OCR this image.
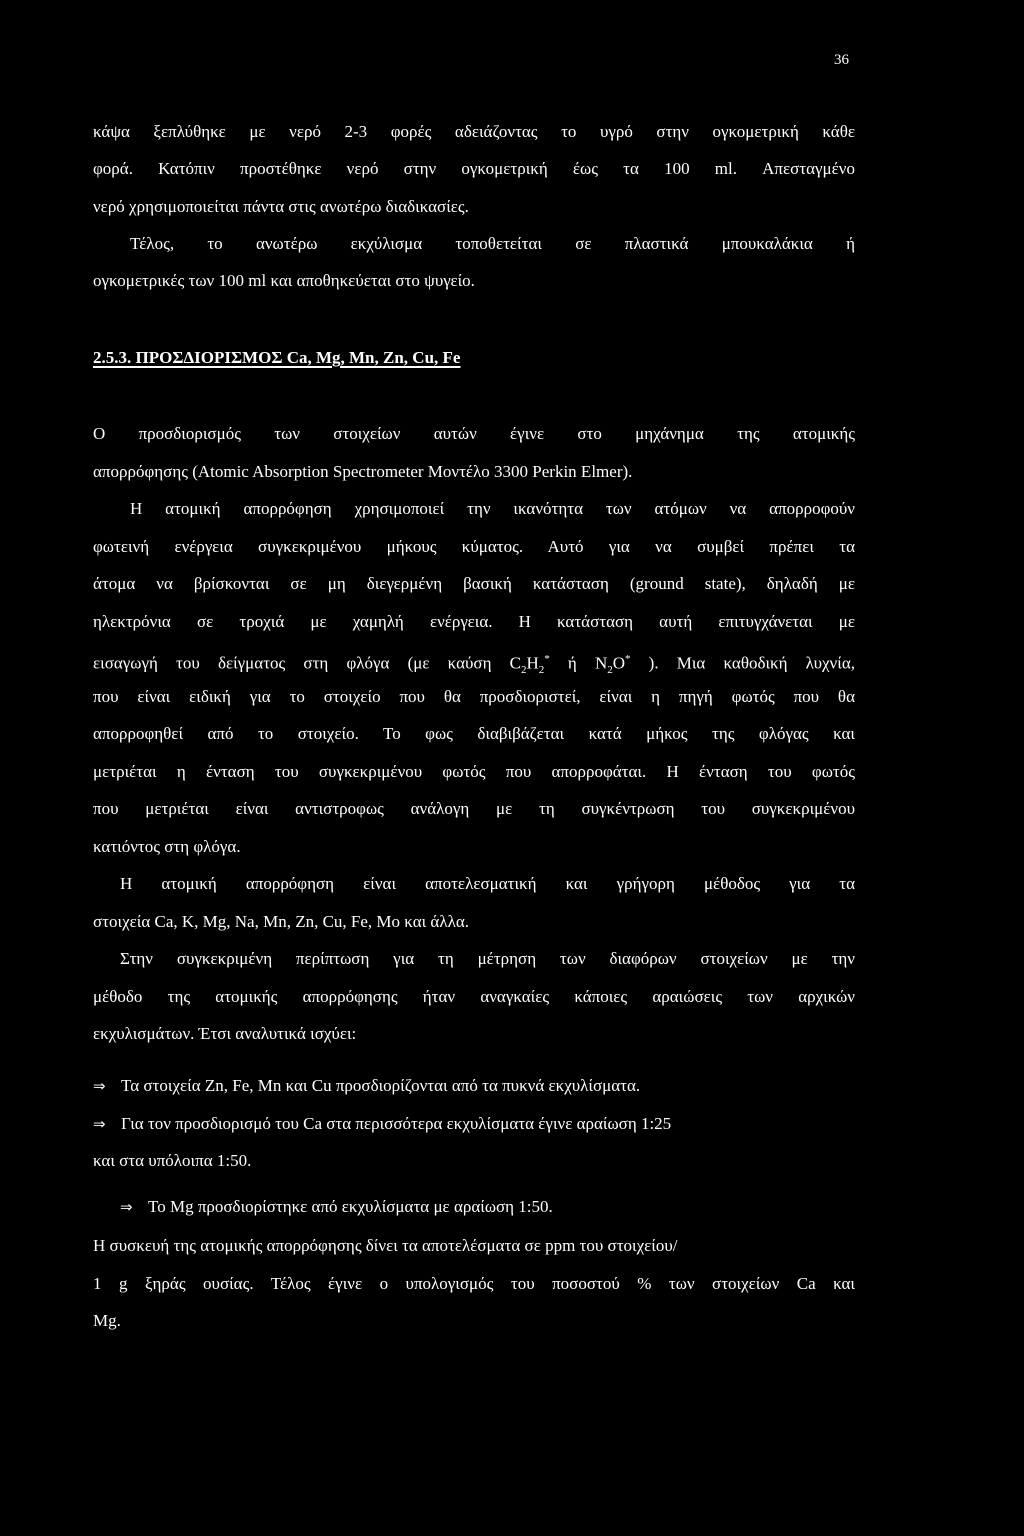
36
κάψα ξεπλύθηκε με νερό 2-3 φορές αδειάζοντας το υγρό στην ογκομετρική κάθε
φορά. Κατόπιν προστέθηκε νερό στην ογκομετρική έως τα 100 ml. Απεσταγμένο
νερό χρησιμοποιείται πάντα στις ανωτέρω διαδικασίες.
Τέλος, το ανωτέρω εκχύλισμα τοποθετείται σε πλαστικά μπουκαλάκια ή
ογκομετρικές των 100 ml και αποθηκεύεται στο ψυγείο.
2.5.3. ΠΡΟΣΔΙΟΡΙΣΜΟΣ Ca, Mg, Mn, Zn, Cu, Fe
Ο προσδιορισμός των στοιχείων αυτών έγινε στο μηχάνημα της ατομικής
απορρόφησης (Atomic Absorption Spectrometer Μοντέλο 3300 Perkin Elmer).
Η ατομική απορρόφηση χρησιμοποιεί την ικανότητα των ατόμων να απορροφούν
φωτεινή ενέργεια συγκεκριμένου μήκους κύματος. Αυτό για να συμβεί πρέπει τα
άτομα να βρίσκονται σε μη διεγερμένη βασική κατάσταση (ground state), δηλαδή με
ηλεκτρόνια σε τροχιά με χαμηλή ενέργεια. Η κατάσταση αυτή επιτυγχάνεται με
εισαγωγή του δείγματος στη φλόγα (με καύση $C_2H_2^*$ ή $N_2O^*$ ). Μια καθοδική λυχνία,
που είναι ειδική για το στοιχείο που θα προσδιοριστεί, είναι η πηγή φωτός που θα
απορροφηθεί από το στοιχείο. Το φως διαβιβάζεται κατά μήκος της φλόγας και
μετριέται η ένταση του συγκεκριμένου φωτός που απορροφάται. Η ένταση του φωτός
που μετριέται είναι αντιστροφως ανάλογη με τη συγκέντρωση του συγκεκριμένου
κατιόντος στη φλόγα.
Η ατομική απορρόφηση είναι αποτελεσματική και γρήγορη μέθοδος για τα
στοιχεία Ca, K, Mg, Na, Mn, Zn, Cu, Fe, Mo και άλλα.
Στην συγκεκριμένη περίπτωση για τη μέτρηση των διαφόρων στοιχείων με την
μέθοδο της ατομικής απορρόφησης ήταν αναγκαίες κάποιες αραιώσεις των αρχικών
εκχυλισμάτων. Έτσι αναλυτικά ισχύει:
⇒ Τα στοιχεία Zn, Fe, Mn και Cu προσδιορίζονται από τα πυκνά εκχυλίσματα.
⇒ Για τον προσδιορισμό του Ca στα περισσότερα εκχυλίσματα έγινε αραίωση 1:25
και στα υπόλοιπα 1:50.
⇒ Το Mg προσδιορίστηκε από εκχυλίσματα με αραίωση 1:50.
Η συσκευή της ατομικής απορρόφησης δίνει τα αποτελέσματα σε ppm του στοιχείου/
1 g ξηράς ουσίας. Τέλος έγινε ο υπολογισμός του ποσοστού % των στοιχείων Ca και
Mg.
